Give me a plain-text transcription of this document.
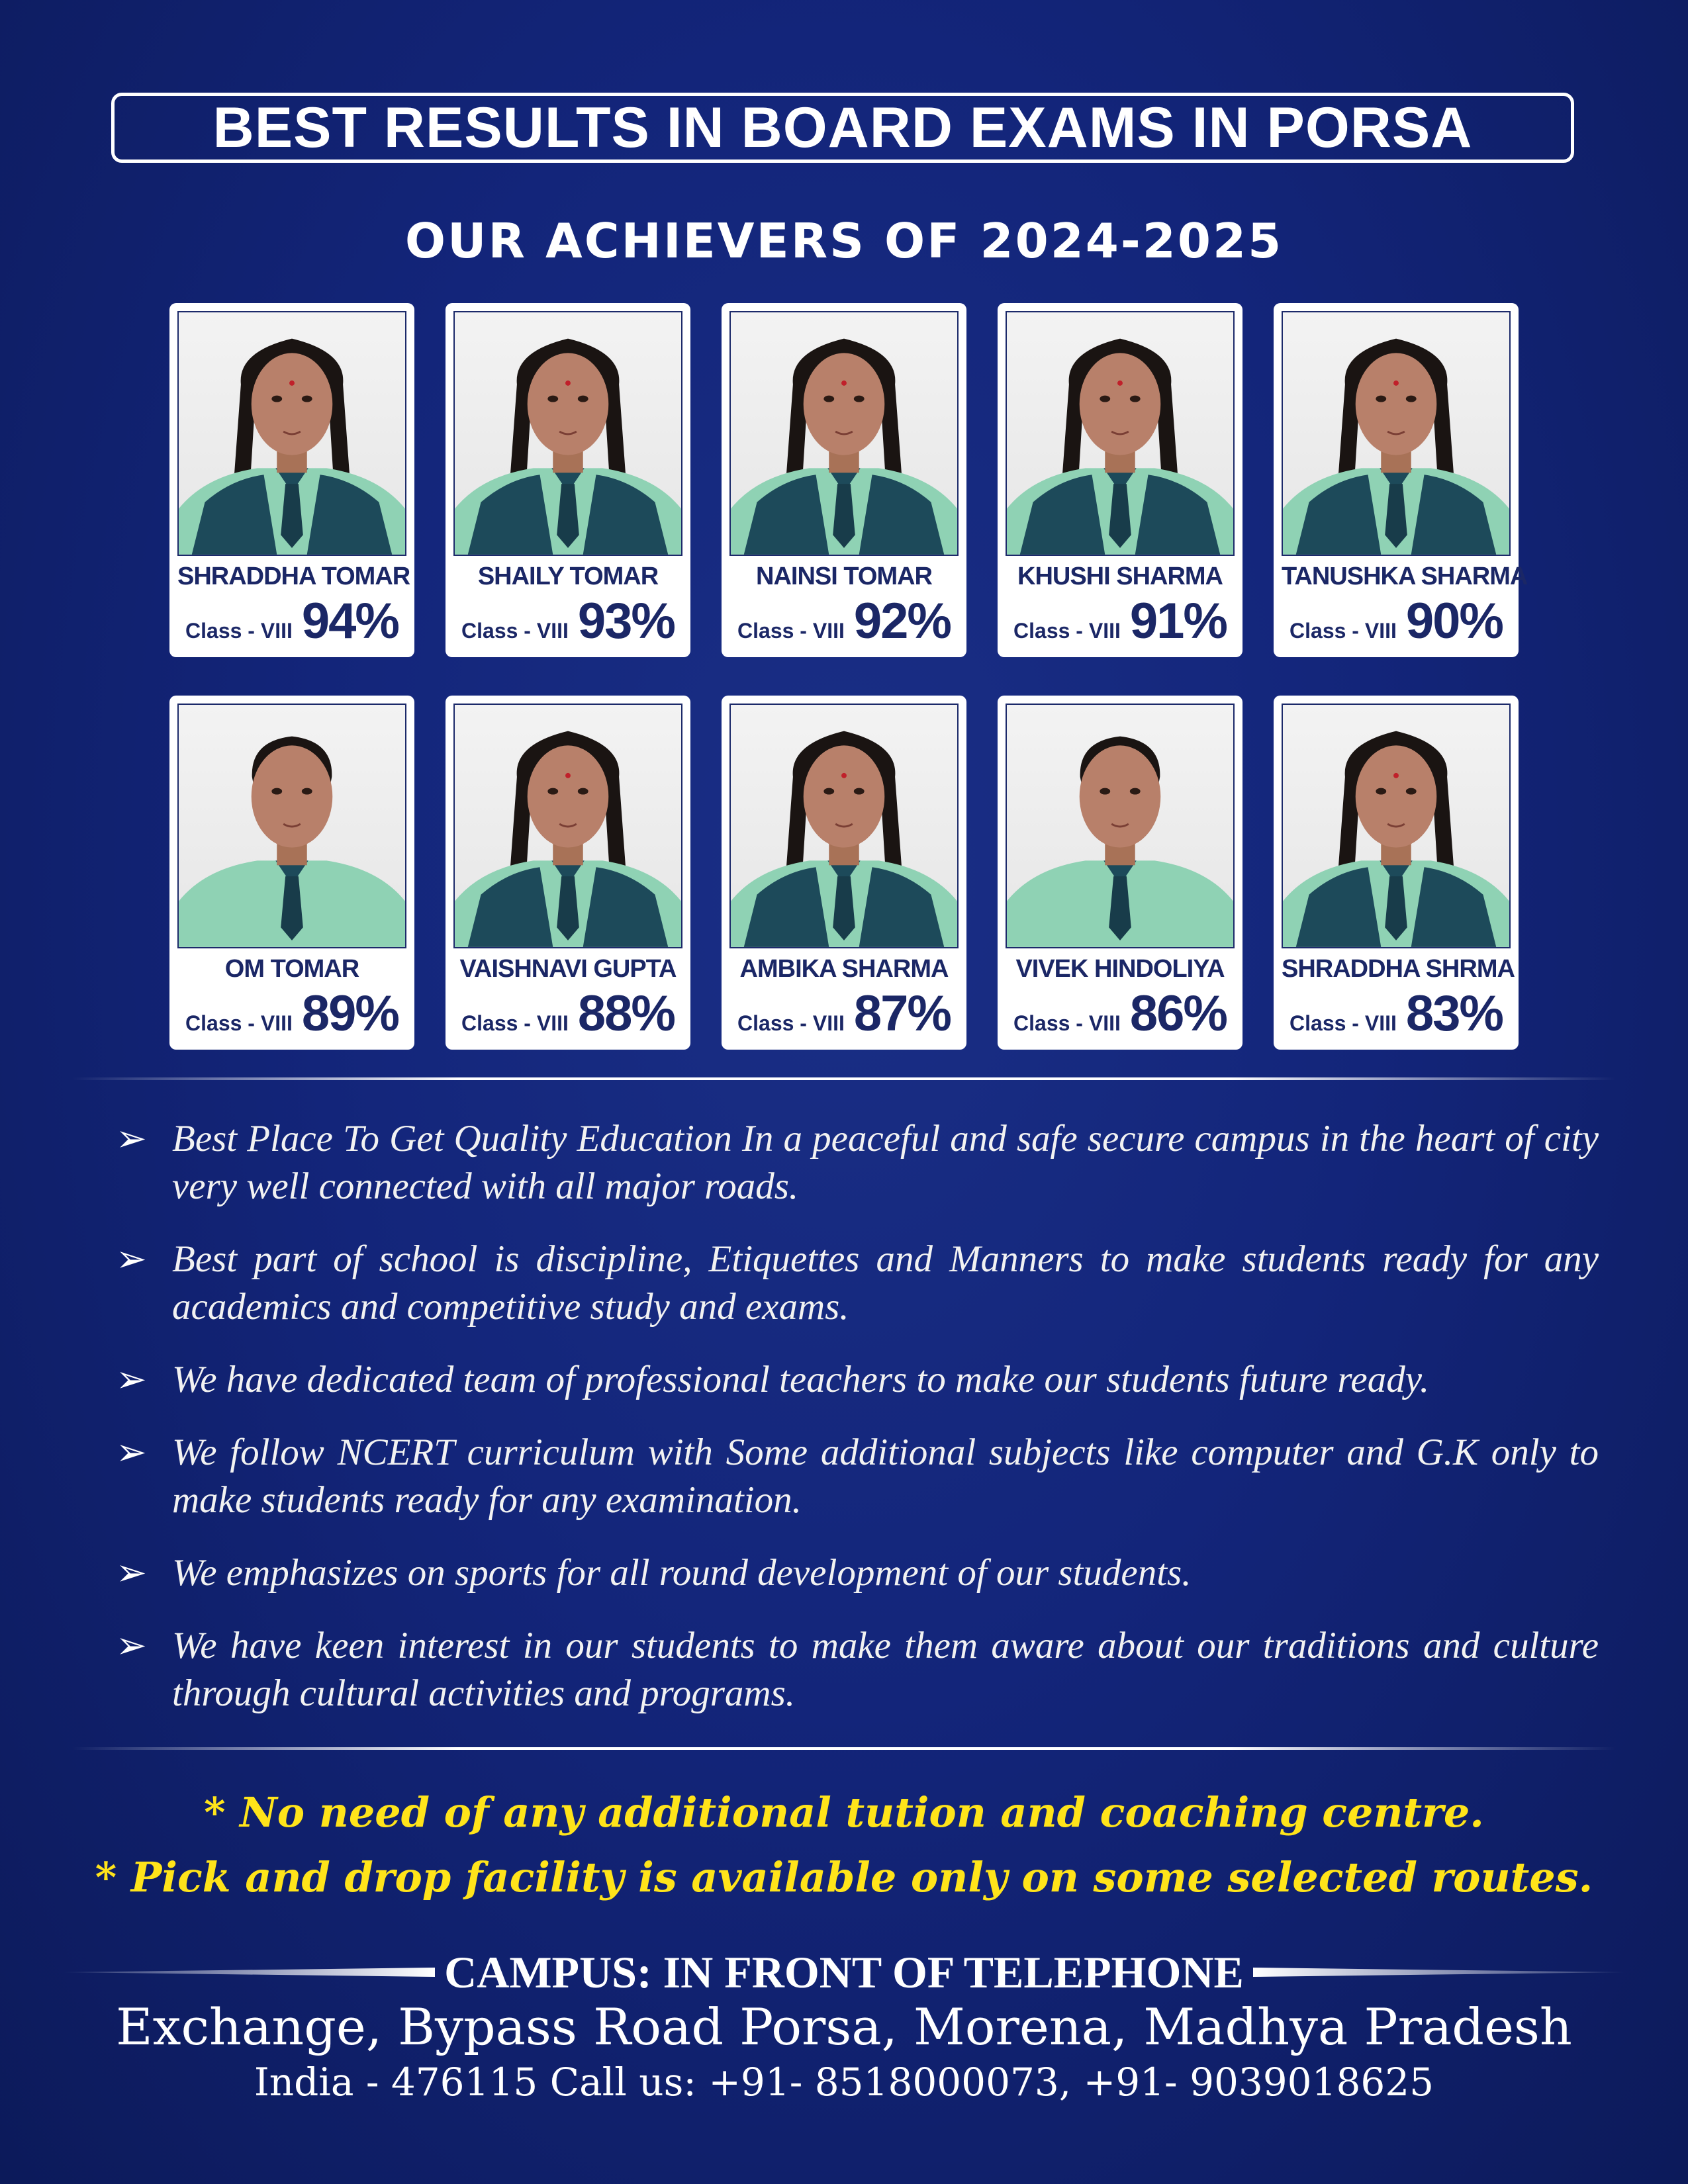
BEST RESULTS IN BOARD EXAMS IN PORSA
OUR ACHIEVERS OF 2024-2025
SHRADDHA TOMAR
Class - VIII 94%
SHAILY TOMAR
Class - VIII 93%
NAINSI TOMAR
Class - VIII 92%
KHUSHI SHARMA
Class - VIII 91%
TANUSHKA SHARMA
Class - VIII 90%
OM TOMAR
Class - VIII 89%
VAISHNAVI GUPTA
Class - VIII 88%
AMBIKA SHARMA
Class - VIII 87%
VIVEK HINDOLIYA
Class - VIII 86%
SHRADDHA SHRMA
Class - VIII 83%
➢ Best Place To Get Quality Education In a peaceful and safe secure campus in the heart of city very well connected with all major roads.
➢ Best part of school is discipline, Etiquettes and Manners to make students ready for any academics and competitive study and exams.
➢ We have dedicated team of professional teachers to make our students future ready.
➢ We follow NCERT curriculum with Some additional subjects like computer and G.K only to make students ready for any examination.
➢ We emphasizes on sports for all round development of our students.
➢ We have keen interest in our students to make them aware about our traditions and culture through cultural activities and programs.
* No need of any additional tution and coaching centre.
* Pick and drop facility is available only on some selected routes.
CAMPUS: IN FRONT OF TELEPHONE
Exchange, Bypass Road Porsa, Morena, Madhya Pradesh
India - 476115 Call us: +91- 8518000073, +91- 9039018625
